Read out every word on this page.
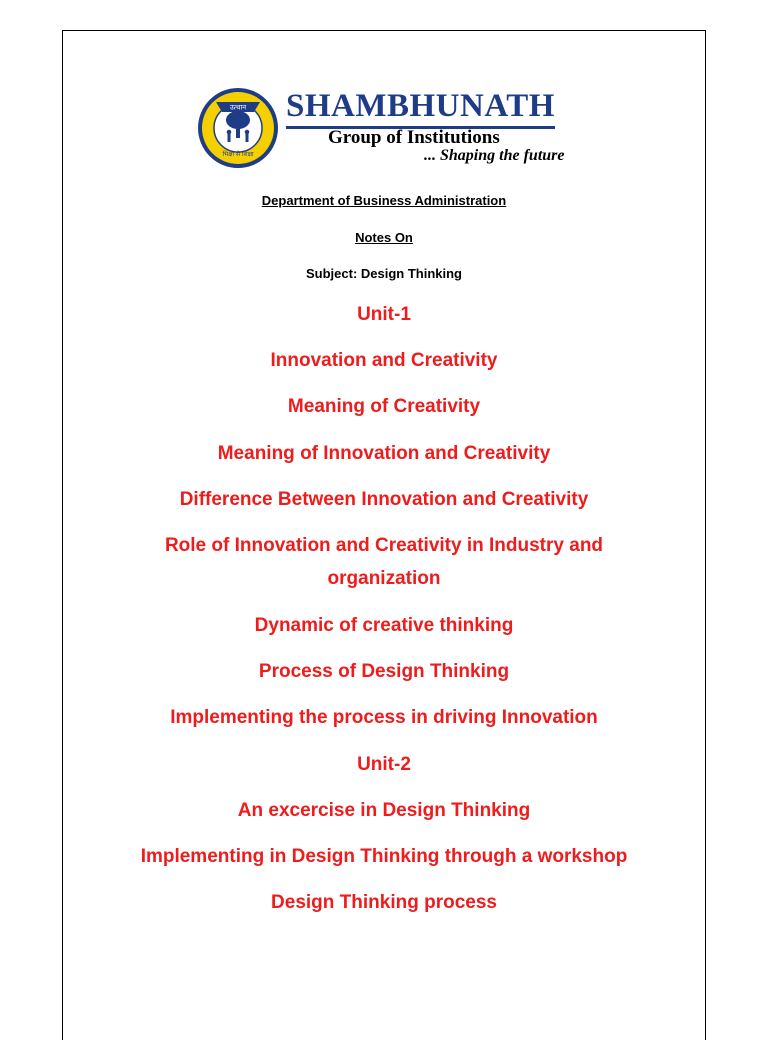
उत्थान
भिक्षा से शिक्षा
SHAMBHUNATH
Group of Institutions
... Shaping the future
Department of Business Administration
Notes On
Subject: Design Thinking
Unit-1
Innovation and Creativity
Meaning of Creativity
Meaning of Innovation and Creativity
Difference Between Innovation and Creativity
Role of Innovation and Creativity in Industry and
organization
Dynamic of creative thinking
Process of Design Thinking
Implementing the process in driving Innovation
Unit-2
An excercise in Design Thinking
Implementing in Design Thinking through a workshop
Design Thinking process
